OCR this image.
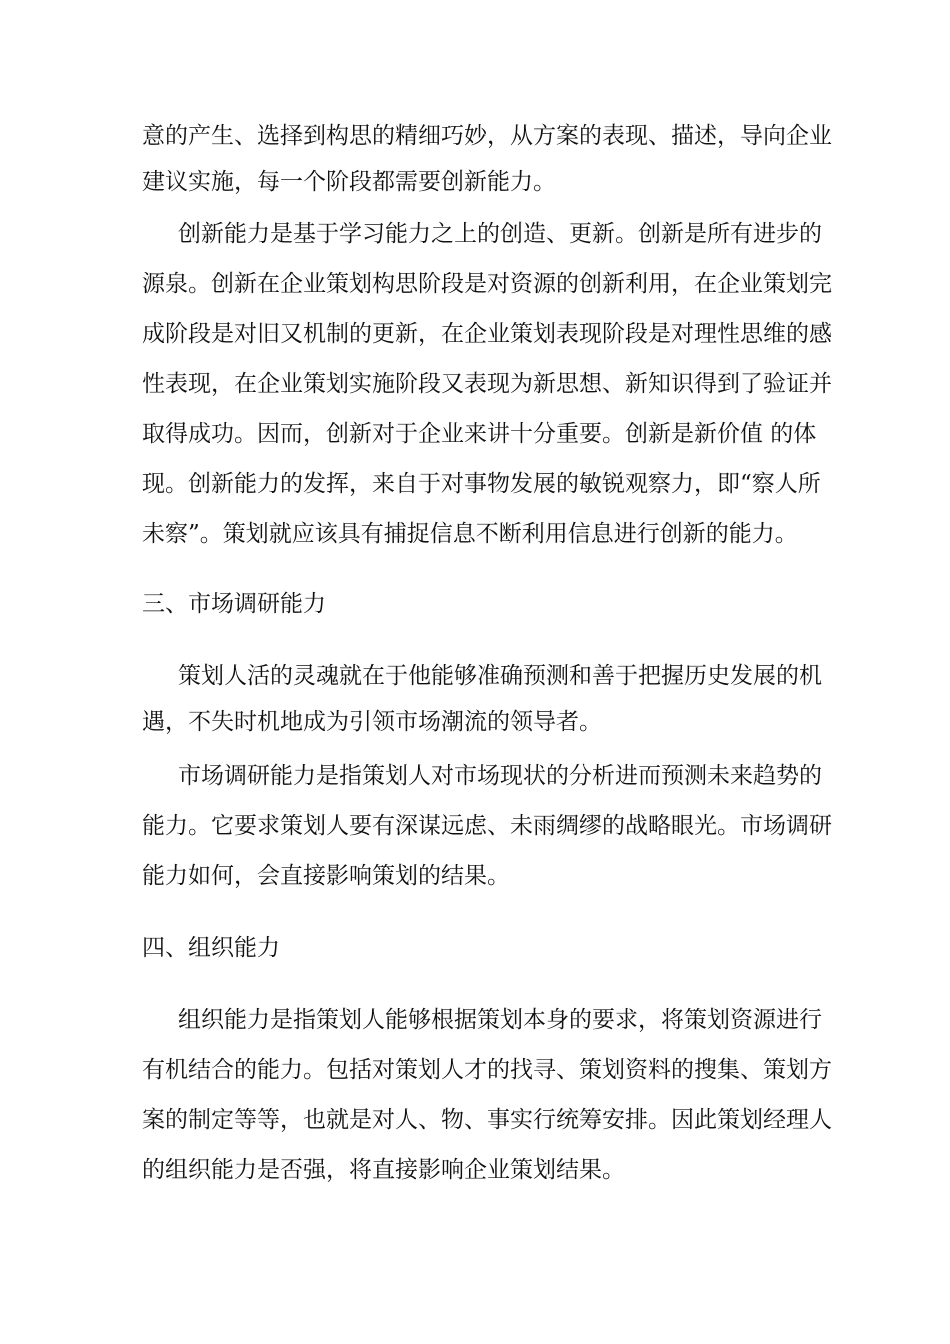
意的产生、选择到构思的精细巧妙，从方案的表现、描述，导向企业
建议实施，每一个阶段都需要创新能力。
创新能力是基于学习能力之上的创造、更新。创新是所有进步的
源泉。创新在企业策划构思阶段是对资源的创新利用，在企业策划完
成阶段是对旧又机制的更新，在企业策划表现阶段是对理性思维的感
性表现，在企业策划实施阶段又表现为新思想、新知识得到了验证并
取得成功。因而，创新对于企业来讲十分重要。创新是新价值 的体
现。创新能力的发挥，来自于对事物发展的敏锐观察力，即“察人所
未察”。策划就应该具有捕捉信息不断利用信息进行创新的能力。
三、市场调研能力
策划人活的灵魂就在于他能够准确预测和善于把握历史发展的机
遇，不失时机地成为引领市场潮流的领导者。
市场调研能力是指策划人对市场现状的分析进而预测未来趋势的
能力。它要求策划人要有深谋远虑、未雨绸缪的战略眼光。市场调研
能力如何，会直接影响策划的结果。
四、组织能力
组织能力是指策划人能够根据策划本身的要求，将策划资源进行
有机结合的能力。包括对策划人才的找寻、策划资料的搜集、策划方
案的制定等等，也就是对人、物、事实行统筹安排。因此策划经理人
的组织能力是否强，将直接影响企业策划结果。
